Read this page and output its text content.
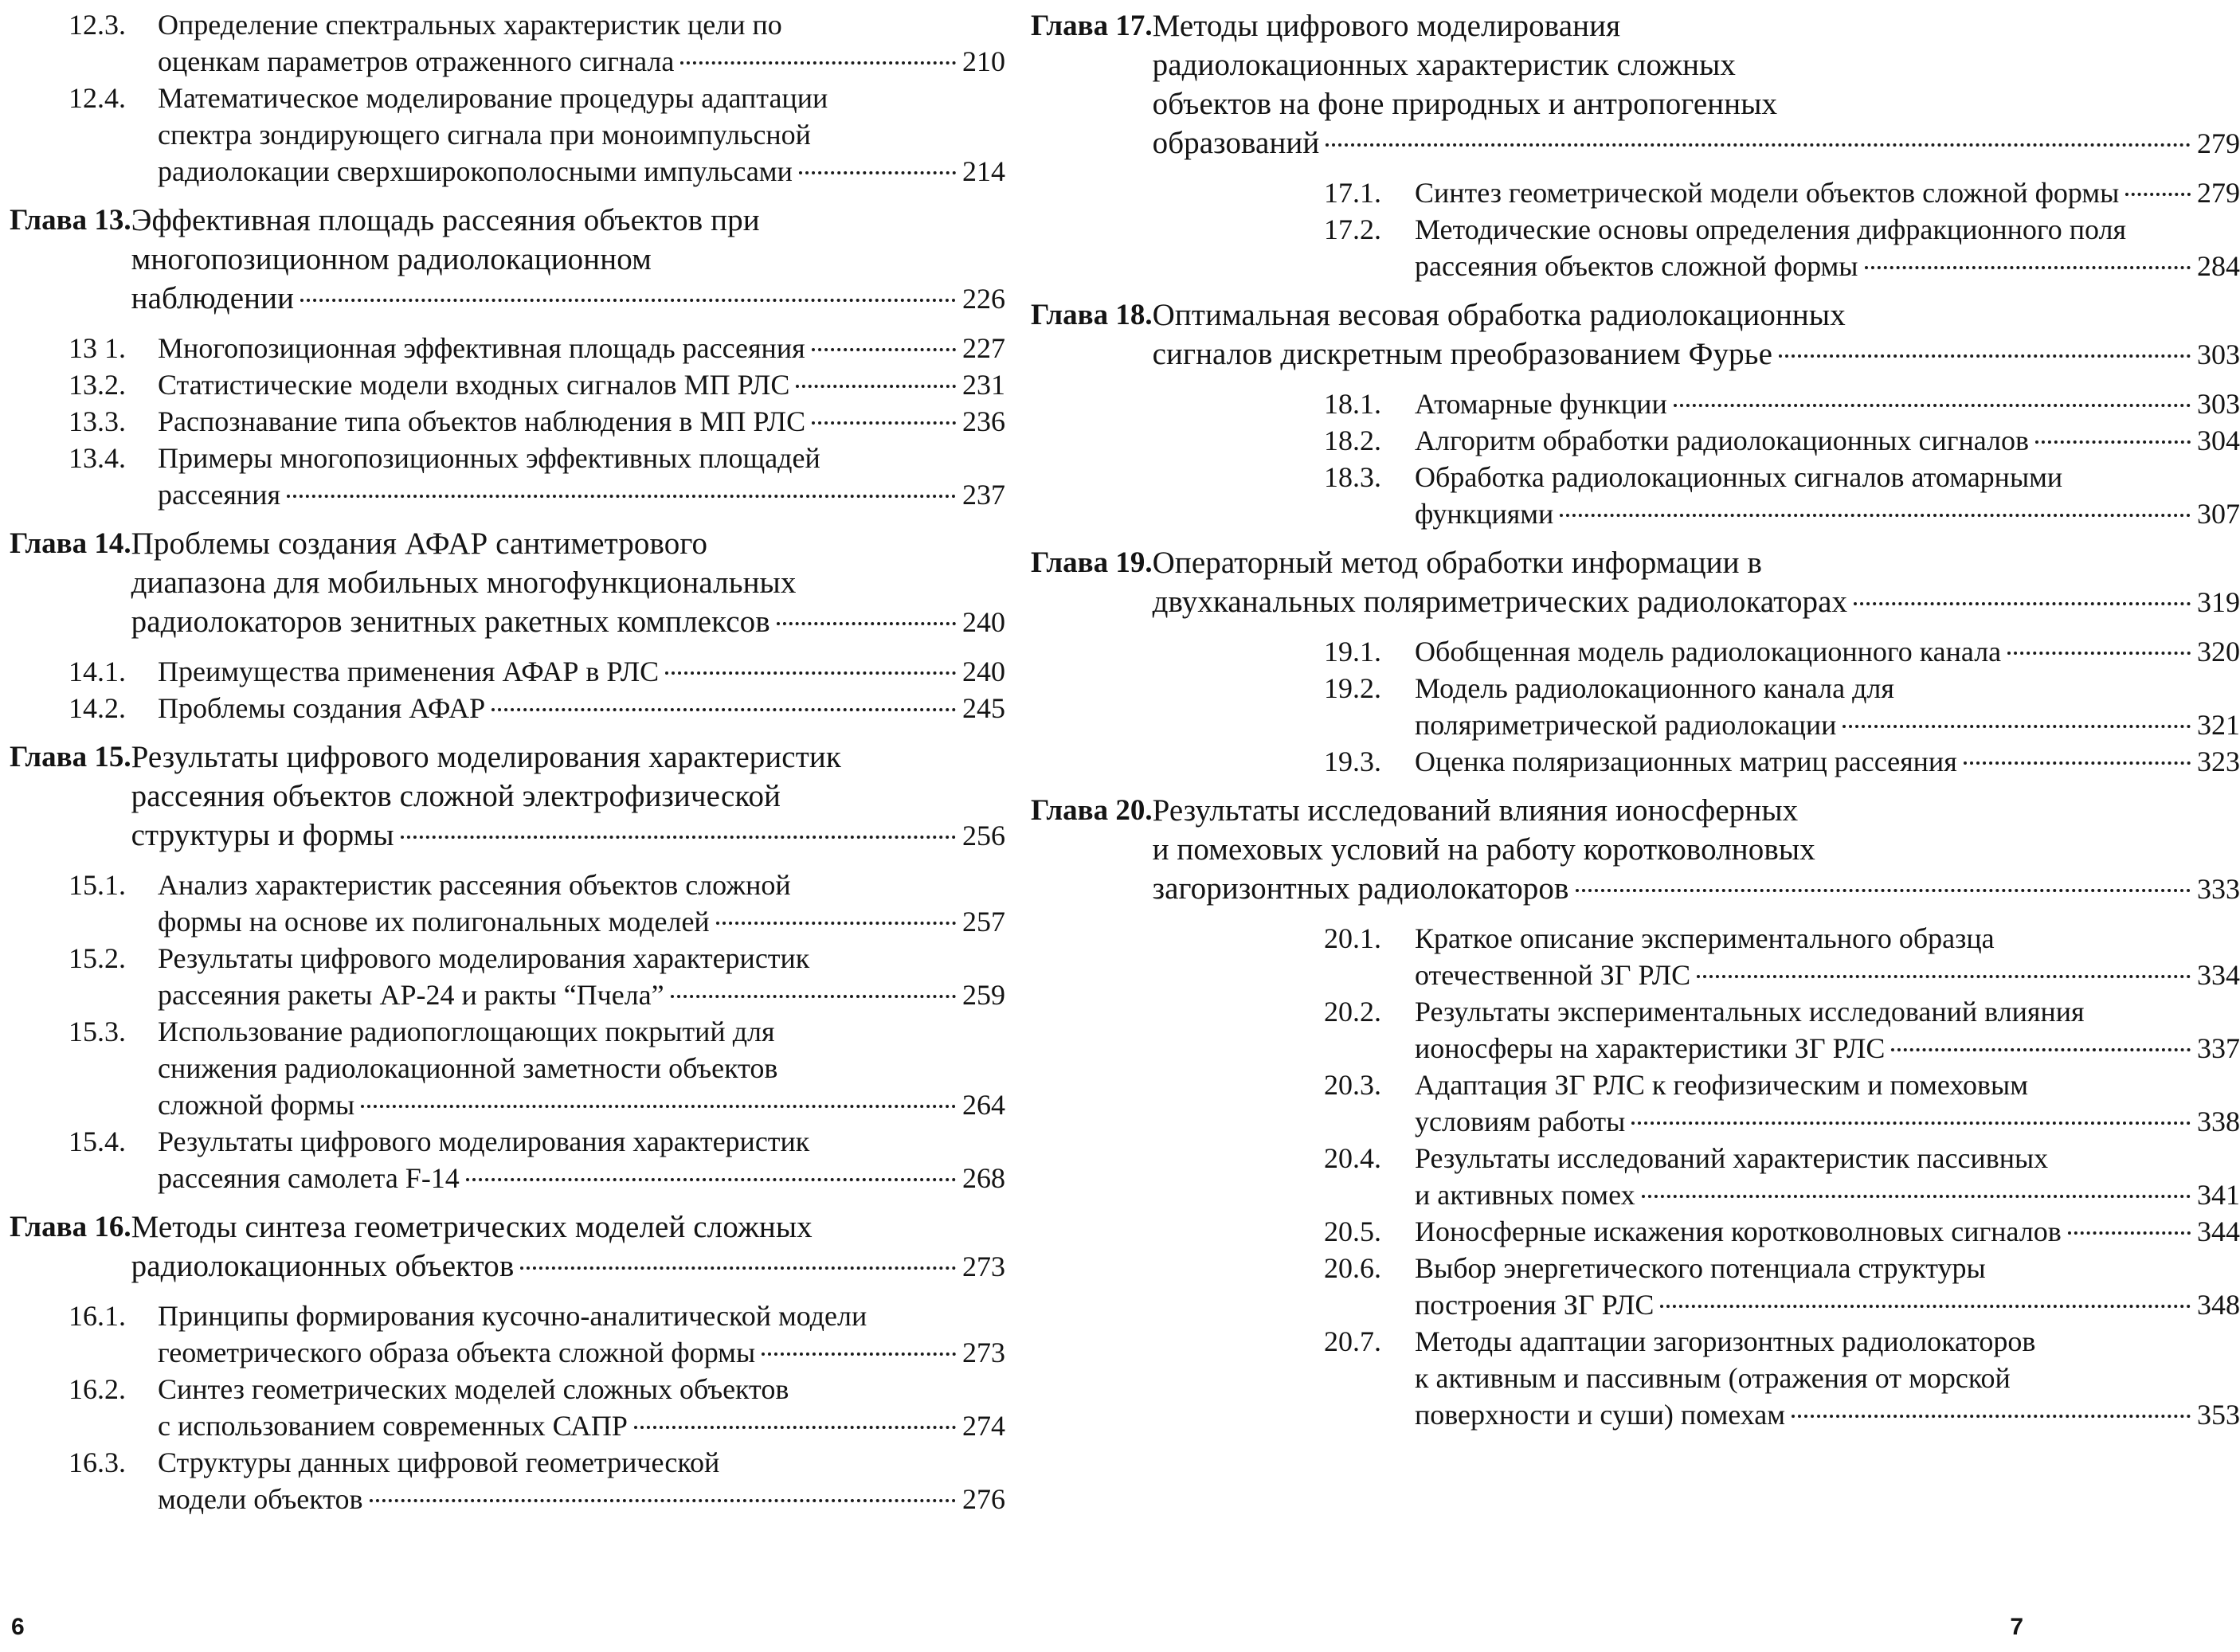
12.3.	Определение спектральных характеристик цели по
оценкам параметров отраженного сигнала	210
12.4.	Математическое моделирование процедуры адаптации
спектра зондирующего сигнала при моноимпульсной
радиолокации сверхширокополосными импульсами	214
Глава 13. Эффективная площадь рассеяния объектов при
многопозиционном радиолокационном
наблюдении	226
13 1.	Многопозиционная эффективная площадь рассеяния	227
13.2.	Статистические модели входных сигналов МП РЛС	231
13.3.	Распознавание типа объектов наблюдения в МП РЛС	236
13.4.	Примеры многопозиционных эффективных площадей
рассеяния	237
Глава 14. Проблемы создания АФАР сантиметрового
диапазона для мобильных многофункциональных
радиолокаторов зенитных ракетных комплексов	240
14.1.	Преимущества применения АФАР в РЛС	240
14.2.	Проблемы создания АФАР	245
Глава 15. Результаты цифрового моделирования характеристик
рассеяния объектов сложной электрофизической
структуры и формы	256
15.1.	Анализ характеристик рассеяния объектов сложной
формы на основе их полигональных моделей	257
15.2.	Результаты цифрового моделирования характеристик
рассеяния ракеты АР-24 и ракты “Пчела”	259
15.3.	Использование радиопоглощающих покрытий для
снижения радиолокационной заметности объектов
сложной формы	264
15.4.	Результаты цифрового моделирования характеристик
рассеяния самолета F-14	268
Глава 16. Методы синтеза геометрических моделей сложных
радиолокационных объектов	273
16.1.	Принципы формирования кусочно-аналитической модели
геометрического образа объекта сложной формы	273
16.2.	Синтез геометрических моделей сложных объектов
с использованием современных САПР	274
16.3.	Структуры данных цифровой геометрической
модели объектов	276
6
Глава 17. Методы цифрового моделирования
радиолокационных характеристик сложных
объектов на фоне природных и антропогенных
образований	279
17.1.	Синтез геометрической модели объектов сложной формы	279
17.2.	Методические основы определения дифракционного поля
рассеяния объектов сложной формы	284
Глава 18. Оптимальная весовая обработка радиолокационных
сигналов дискретным преобразованием Фурье	303
18.1.	Атомарные функции	303
18.2.	Алгоритм обработки радиолокационных сигналов	304
18.3.	Обработка радиолокационных сигналов атомарными
функциями	307
Глава 19. Операторный метод обработки информации в
двухканальных поляриметрических радиолокаторах	319
19.1.	Обобщенная модель радиолокационного канала	320
19.2.	Модель радиолокационного канала для
поляриметрической радиолокации	321
19.3.	Оценка поляризационных матриц рассеяния	323
Глава 20. Результаты исследований влияния ионосферных
и помеховых условий на работу коротковолновых
загоризонтных радиолокаторов	333
20.1.	Краткое описание экспериментального образца
отечественной ЗГ РЛС	334
20.2.	Результаты экспериментальных исследований влияния
ионосферы на характеристики ЗГ РЛС	337
20.3.	Адаптация ЗГ РЛС к геофизическим и помеховым
условиям работы	338
20.4.	Результаты исследований характеристик пассивных
и активных помех	341
20.5.	Ионосферные искажения коротковолновых сигналов	344
20.6.	Выбор энергетического потенциала структуры
построения ЗГ РЛС	348
20.7.	Методы адаптации загоризонтных радиолокаторов
к активным и пассивным (отражения от морской
поверхности и суши) помехам	353
7
